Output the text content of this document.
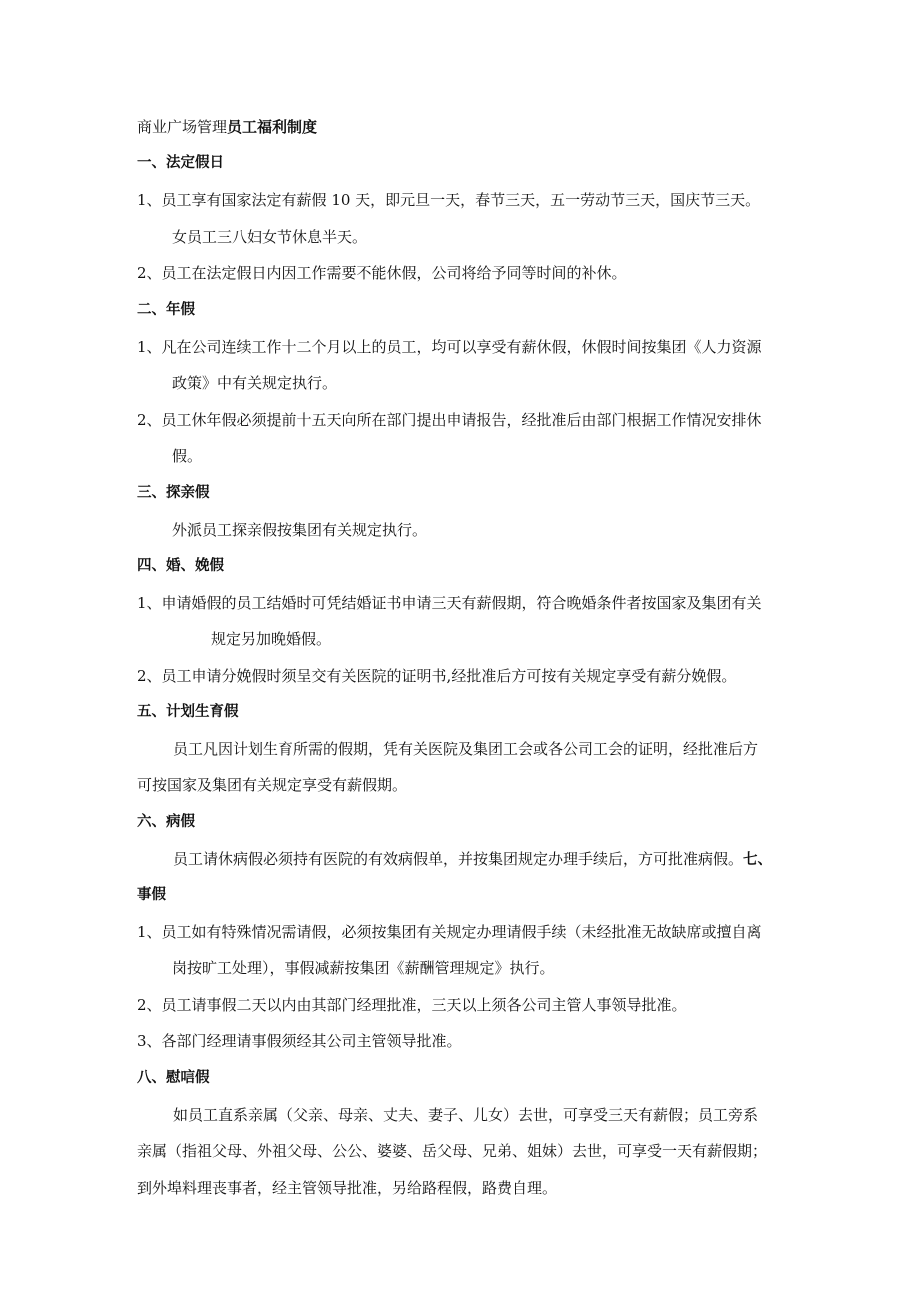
商业广场管理员工福利制度
一、法定假日
1、员工享有国家法定有薪假 10 天，即元旦一天，春节三天，五一劳动节三天，国庆节三天。
女员工三八妇女节休息半天。
2、员工在法定假日内因工作需要不能休假，公司将给予同等时间的补休。
二、年假
1、凡在公司连续工作十二个月以上的员工，均可以享受有薪休假，休假时间按集团《人力资源
政策》中有关规定执行。
2、员工休年假必须提前十五天向所在部门提出申请报告，经批准后由部门根据工作情况安排休
假。
三、探亲假
外派员工探亲假按集团有关规定执行。
四、婚、娩假
1、申请婚假的员工结婚时可凭结婚证书申请三天有薪假期，符合晚婚条件者按国家及集团有关
规定另加晚婚假。
2、员工申请分娩假时须呈交有关医院的证明书,经批准后方可按有关规定享受有薪分娩假。
五、计划生育假
员工凡因计划生育所需的假期，凭有关医院及集团工会或各公司工会的证明，经批准后方
可按国家及集团有关规定享受有薪假期。
六、病假
员工请休病假必须持有医院的有效病假单，并按集团规定办理手续后，方可批准病假。七、
事假
1、员工如有特殊情况需请假，必须按集团有关规定办理请假手续（未经批准无故缺席或擅自离
岗按旷工处理），事假减薪按集团《薪酬管理规定》执行。
2、员工请事假二天以内由其部门经理批准，三天以上须各公司主管人事领导批准。
3、各部门经理请事假须经其公司主管领导批准。
八、慰唁假
如员工直系亲属（父亲、母亲、丈夫、妻子、儿女）去世，可享受三天有薪假；员工旁系
亲属（指祖父母、外祖父母、公公、婆婆、岳父母、兄弟、姐妹）去世，可享受一天有薪假期；
到外埠料理丧事者，经主管领导批准，另给路程假，路费自理。
